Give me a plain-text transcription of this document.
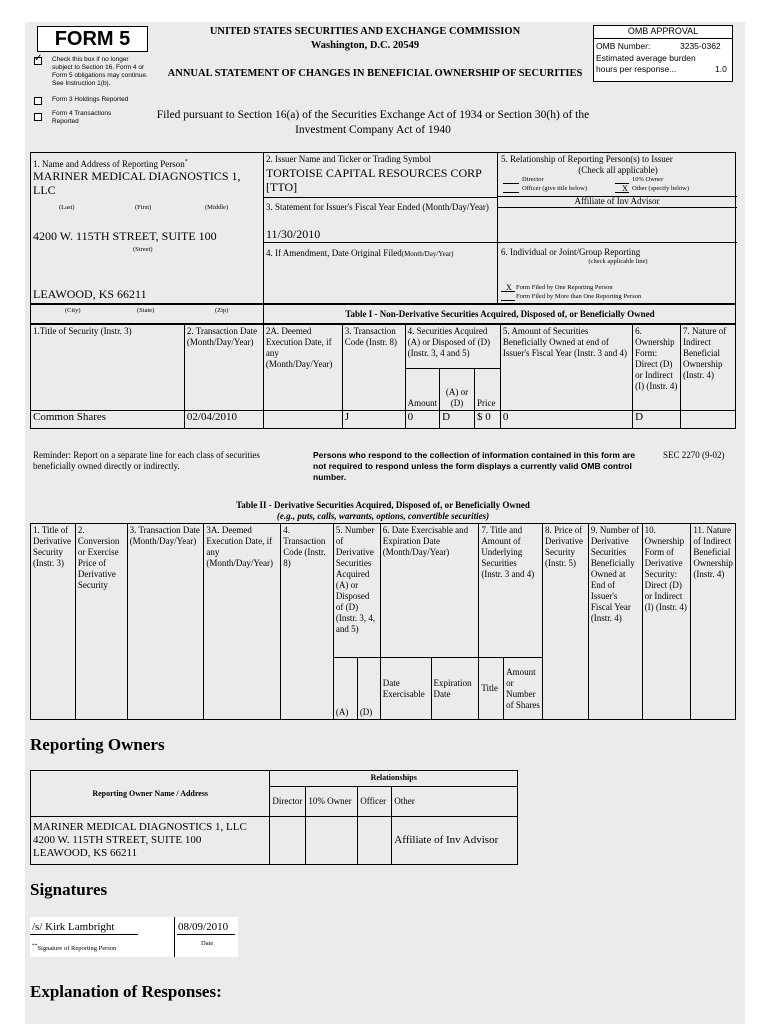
FORM 5
✓ Check this box if no longer subject to Section 16. Form 4 or Form 5 obligations may continue. See Instruction 1(b).
Form 3 Holdings Reported
Form 4 Transactions Reported
UNITED STATES SECURITIES AND EXCHANGE COMMISSION
Washington, D.C. 20549
ANNUAL STATEMENT OF CHANGES IN BENEFICIAL OWNERSHIP OF SECURITIES
Filed pursuant to Section 16(a) of the Securities Exchange Act of 1934 or Section 30(h) of the Investment Company Act of 1940
OMB APPROVAL
OMB Number:	3235-0362
Estimated average burden hours per response...	1.0
1. Name and Address of Reporting Person*
MARINER MEDICAL DIAGNOSTICS 1, LLC
(Last)	(First)	(Middle)
4200 W. 115TH STREET, SUITE 100
(Street)
LEAWOOD, KS 66211
2. Issuer Name and Ticker or Trading Symbol
TORTOISE CAPITAL RESOURCES CORP [TTO]
3. Statement for Issuer's Fiscal Year Ended (Month/Day/Year)
11/30/2010
4. If Amendment, Date Original Filed(Month/Day/Year)
5. Relationship of Reporting Person(s) to Issuer
(Check all applicable)
Director	10% Owner
Officer (give title below)	X Other (specify below)
Affiliate of Inv Advisor
6. Individual or Joint/Group Reporting
(check applicable line)
X Form Filed by One Reporting Person
Form Filed by More than One Reporting Person
(City)	(State)	(Zip)	Table I - Non-Derivative Securities Acquired, Disposed of, or Beneficially Owned
1.Title of Security (Instr. 3)	2. Transaction Date (Month/Day/Year)	2A. Deemed Execution Date, if any (Month/Day/Year)	3. Transaction Code (Instr. 8)	4. Securities Acquired (A) or Disposed of (D) (Instr. 3, 4 and 5)			5. Amount of Securities Beneficially Owned at end of Issuer's Fiscal Year (Instr. 3 and 4)	6. Ownership Form: Direct (D) or Indirect (I) (Instr. 4)	7. Nature of Indirect Beneficial Ownership (Instr. 4)
				Amount	(A) or (D)	Price			
Common Shares	02/04/2010		J	0	D	$ 0	0	D	
Reminder: Report on a separate line for each class of securities beneficially owned directly or indirectly.
Persons who respond to the collection of information contained in this form are not required to respond unless the form displays a currently valid OMB control number.
SEC 2270 (9-02)
Table II - Derivative Securities Acquired, Disposed of, or Beneficially Owned
(e.g., puts, calls, warrants, options, convertible securities)
1. Title of Derivative Security (Instr. 3)	2. Conversion or Exercise Price of Derivative Security	3. Transaction Date (Month/Day/Year)	3A. Deemed Execution Date, if any (Month/Day/Year)	4. Transaction Code (Instr. 8)	5. Number of Derivative Securities Acquired (A) or Disposed of (D) (Instr. 3, 4, and 5)		6. Date Exercisable and Expiration Date (Month/Day/Year)		7. Title and Amount of Underlying Securities (Instr. 3 and 4)		8. Price of Derivative Security (Instr. 5)	9. Number of Derivative Securities Beneficially Owned at End of Issuer's Fiscal Year (Instr. 4)	10. Ownership Form of Derivative Security: Direct (D) or Indirect (I) (Instr. 4)	11. Nature of Indirect Beneficial Ownership (Instr. 4)
					(A)	(D)	Date Exercisable	Expiration Date	Title	Amount or Number of Shares				
Reporting Owners
Reporting Owner Name / Address	Relationships			
	Director	10% Owner	Officer	Other

MARINER MEDICAL DIAGNOSTICS 1, LLC
4200 W. 115TH STREET, SUITE 100
LEAWOOD, KS 66211				Affiliate of Inv Advisor
Signatures
/s/ Kirk Lambright
**Signature of Reporting Person
08/09/2010
Date
Explanation of Responses:
